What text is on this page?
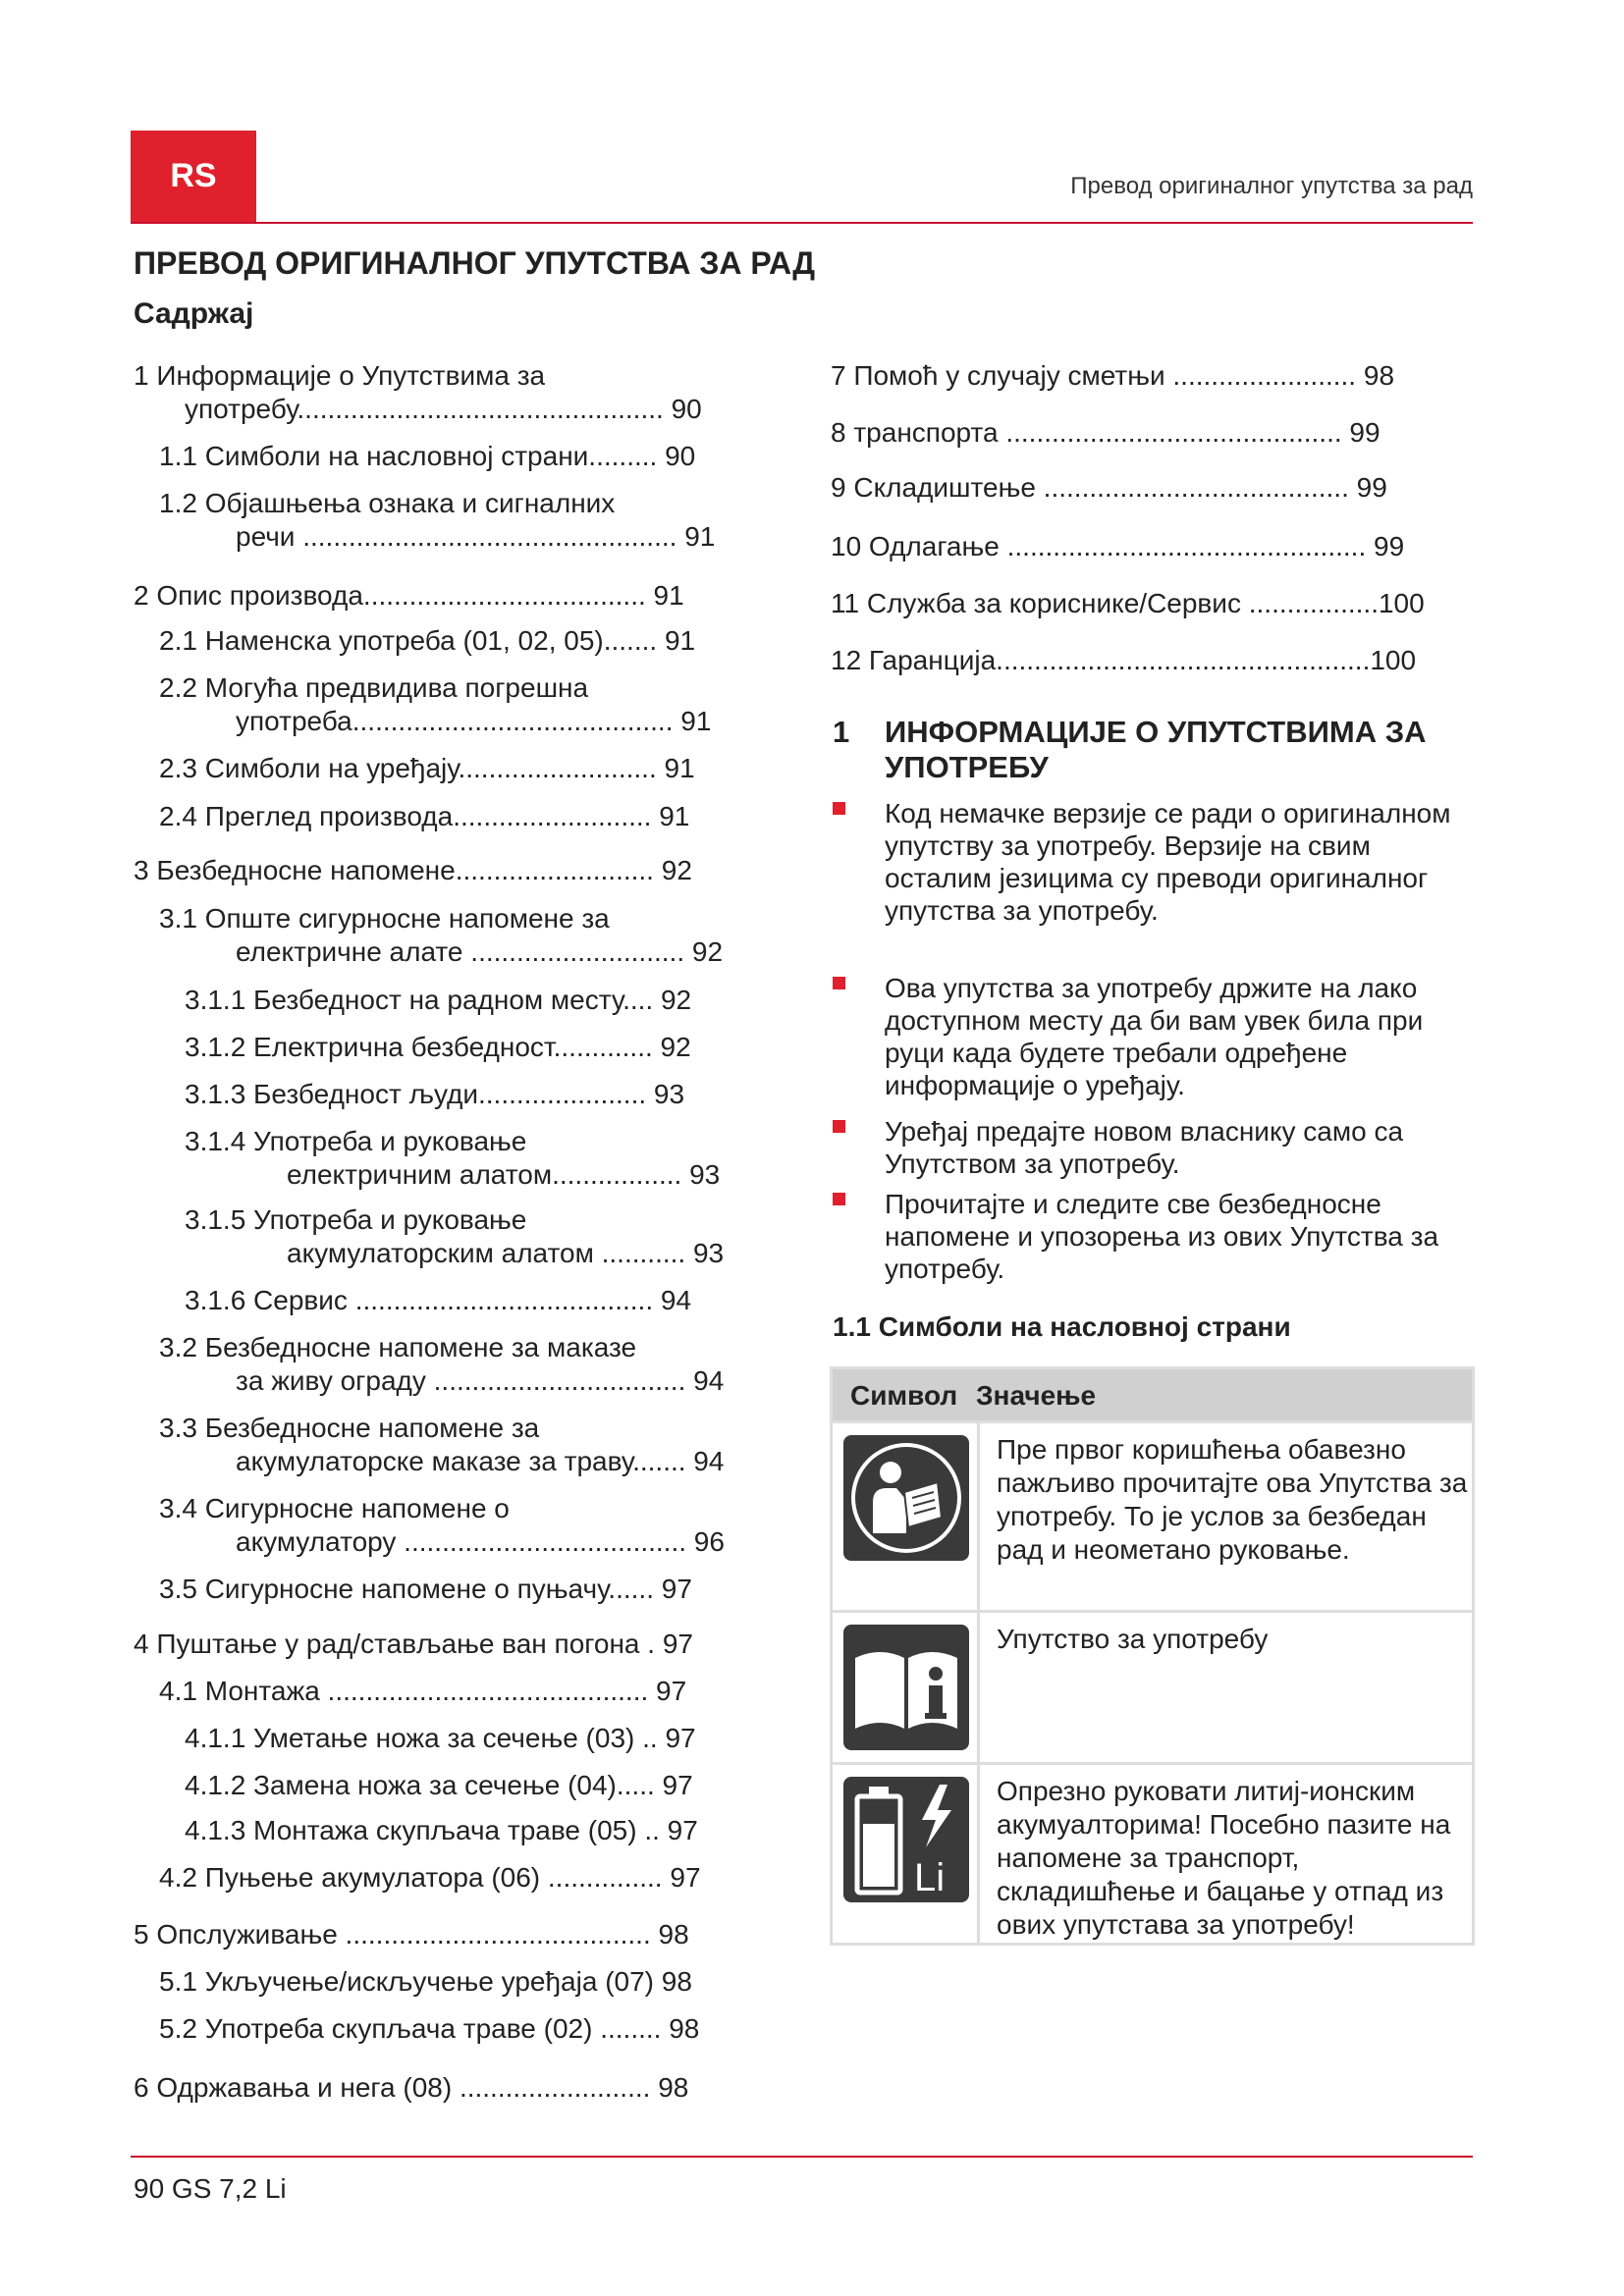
RS	Превод оригиналног упутства за рад
ПРЕВОД ОРИГИНАЛНОГ УПУТСТВА ЗА РАД
Садржај
1 Информације о Упутствима за
употребу................................................ 90
1.1 Симболи на насловној страни......... 90
1.2 Објашњења ознака и сигналних
речи ................................................. 91
2 Опис производа..................................... 91
2.1 Наменска употреба (01, 02, 05)....... 91
2.2 Могућа предвидива погрешна
употреба.......................................... 91
2.3 Симболи на уређају.......................... 91
2.4 Преглед производа.......................... 91
3 Безбедносне напомене.......................... 92
3.1 Опште сигурносне напомене за
електричне алате ............................ 92
3.1.1 Безбедност на радном месту.... 92
3.1.2 Електрична безбедност............. 92
3.1.3 Безбедност људи...................... 93
3.1.4 Употреба и руковање
електричним алатом................. 93
3.1.5 Употреба и руковање
акумулаторским алатом ........... 93
3.1.6 Сервис ....................................... 94
3.2 Безбедносне напомене за маказе
за живу ограду ................................. 94
3.3 Безбедносне напомене за
акумулаторске маказе за траву....... 94
3.4 Сигурносне напомене о
акумулатору ..................................... 96
3.5 Сигурносне напомене о пуњачу...... 97
4 Пуштање у рад/стављање ван погона . 97
4.1 Монтажа .......................................... 97
4.1.1 Уметање ножа за сечење (03) .. 97
4.1.2 Замена ножа за сечење (04)..... 97
4.1.3 Монтажа скупљача траве (05) .. 97
4.2 Пуњење акумулатора (06) ............... 97
5 Опслуживање ........................................ 98
5.1 Укључење/искључење уређаја (07) 98
5.2 Употреба скупљача траве (02) ........ 98
6 Одржавања и нега (08) ......................... 98
7 Помоћ у случају сметњи ........................ 98
8 транспорта ............................................ 99
9 Складиштење ........................................ 99
10 Одлагање ............................................... 99
11 Служба за кориснике/Сервис .................100
12 Гаранција.................................................100
1 ИНФОРМАЦИЈЕ О УПУТСТВИМА ЗА УПОТРЕБУ
Код немачке верзије се ради о оригиналном упутству за употребу. Верзије на свим осталим језицима су преводи оригиналног упутства за употребу.
Ова упутства за употребу држите на лако доступном месту да би вам увек била при руци када будете требали одређене информације о уређају.
Уређај предајте новом власнику само са Упутством за употребу.
Прочитајте и следите све безбедносне напомене и упозорења из ових Упутства за употребу.
1.1 Симболи на насловној страни
Символ Значење
Пре првог коришћења обавезно пажљиво прочитајте ова Упутства за употребу. То је услов за безбедан рад и неометано руковање.
Упутство за употребу
Li
Опрезно руковати литиј-ионским акумуалторима! Посебно пазите на напомене за транспорт, складишћење и бацање у отпад из ових упутстава за употребу!
90 GS 7,2 Li
